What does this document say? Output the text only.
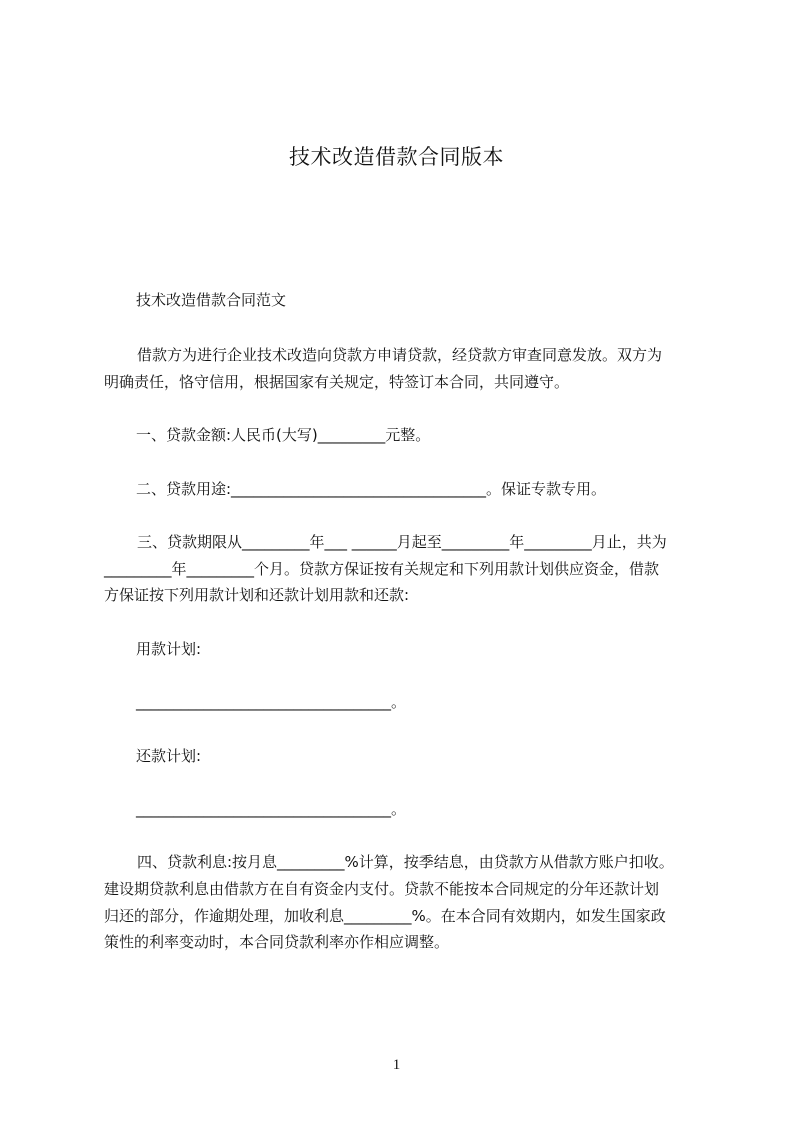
技术改造借款合同版本
技术改造借款合同范文
借款方为进行企业技术改造向贷款方申请贷款，经贷款方审查同意发放。双方为
明确责任，恪守信用，根据国家有关规定，特签订本合同，共同遵守。
一、贷款金额:人民币(大写)_________元整。
二、贷款用途:__________________________________。保证专款专用。
三、贷款期限从_________年___ ______月起至_________年_________月止，共为
_________年_________个月。贷款方保证按有关规定和下列用款计划供应资金，借款
方保证按下列用款计划和还款计划用款和还款:
用款计划:
__________________________________。
还款计划:
__________________________________。
四、贷款利息:按月息_________%计算，按季结息，由贷款方从借款方账户扣收。
建设期贷款利息由借款方在自有资金内支付。贷款不能按本合同规定的分年还款计划
归还的部分，作逾期处理，加收利息_________%。在本合同有效期内，如发生国家政
策性的利率变动时，本合同贷款利率亦作相应调整。
1
